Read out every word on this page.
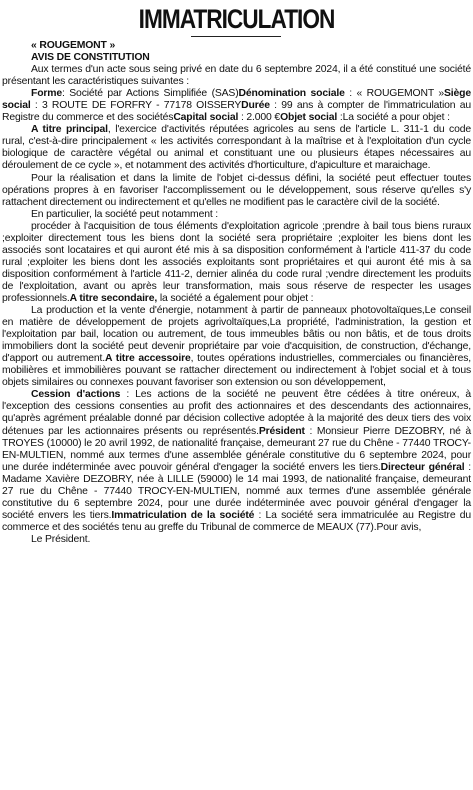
IMMATRICULATION
« ROUGEMONT »
AVIS DE CONSTITUTION

Aux termes d'un acte sous seing privé en date du 6 septembre 2024, il a été constitué une société présentant les caractéristiques suivantes :

Forme: Société par Actions Simplifiée (SAS)Dénomination sociale : « ROUGEMONT »Siège social : 3 ROUTE DE FORFRY - 77178 OISSERYDurée : 99 ans à compter de l'immatriculation au Registre du commerce et des sociétésCapital social : 2.000 €Objet social :La société a pour objet :

A titre principal, l'exercice d'activités réputées agricoles au sens de l'article L. 311-1 du code rural, c'est-à-dire principalement « les activités correspondant à la maîtrise et à l'exploitation d'un cycle biologique de caractère végétal ou animal et constituant une ou plusieurs étapes nécessaires au déroulement de ce cycle », et notamment des activités d'horticulture, d'apiculture et maraichage.

Pour la réalisation et dans la limite de l'objet ci-dessus défini, la société peut effectuer toutes opérations propres à en favoriser l'accomplissement ou le développement, sous réserve qu'elles s'y rattachent directement ou indirectement et qu'elles ne modifient pas le caractère civil de la société.

En particulier, la société peut notamment :

procéder à l'acquisition de tous éléments d'exploitation agricole ;prendre à bail tous biens ruraux ;exploiter directement tous les biens dont la société sera propriétaire ;exploiter les biens dont les associés sont locataires et qui auront été mis à sa disposition conformément à l'article 411-37 du code rural ;exploiter les biens dont les associés exploitants sont propriétaires et qui auront été mis à sa disposition conformément à l'article 411-2, dernier alinéa du code rural ;vendre directement les produits de l'exploitation, avant ou après leur transformation, mais sous réserve de respecter les usages professionnels.A titre secondaire, la société a également pour objet :

La production et la vente d'énergie, notamment à partir de panneaux photovoltaïques,Le conseil en matière de développement de projets agrivoltaïques,La propriété, l'administration, la gestion et l'exploitation par bail, location ou autrement, de tous immeubles bâtis ou non bâtis, et de tous droits immobiliers dont la société peut devenir propriétaire par voie d'acquisition, de construction, d'échange, d'apport ou autrement.A titre accessoire, toutes opérations industrielles, commerciales ou financières, mobilières et immobilières pouvant se rattacher directement ou indirectement à l'objet social et à tous objets similaires ou connexes pouvant favoriser son extension ou son développement,

Cession d'actions : Les actions de la société ne peuvent être cédées à titre onéreux, à l'exception des cessions consenties au profit des actionnaires et des descendants des actionnaires, qu'après agrément préalable donné par décision collective adoptée à la majorité des deux tiers des voix détenues par les actionnaires présents ou représentés.Président : Monsieur Pierre DEZOBRY, né à TROYES (10000) le 20 avril 1992, de nationalité française, demeurant 27 rue du Chêne - 77440 TROCY-EN-MULTIEN, nommé aux termes d'une assemblée générale constitutive du 6 septembre 2024, pour une durée indéterminée avec pouvoir général d'engager la société envers les tiers.Directeur général : Madame Xavière DEZOBRY, née à LILLE (59000) le 14 mai 1993, de nationalité française, demeurant 27 rue du Chêne - 77440 TROCY-EN-MULTIEN, nommé aux termes d'une assemblée générale constitutive du 6 septembre 2024, pour une durée indéterminée avec pouvoir général d'engager la société envers les tiers.Immatriculation de la société : La société sera immatriculée au Registre du commerce et des sociétés tenu au greffe du Tribunal de commerce de MEAUX (77).Pour avis,

Le Président.
